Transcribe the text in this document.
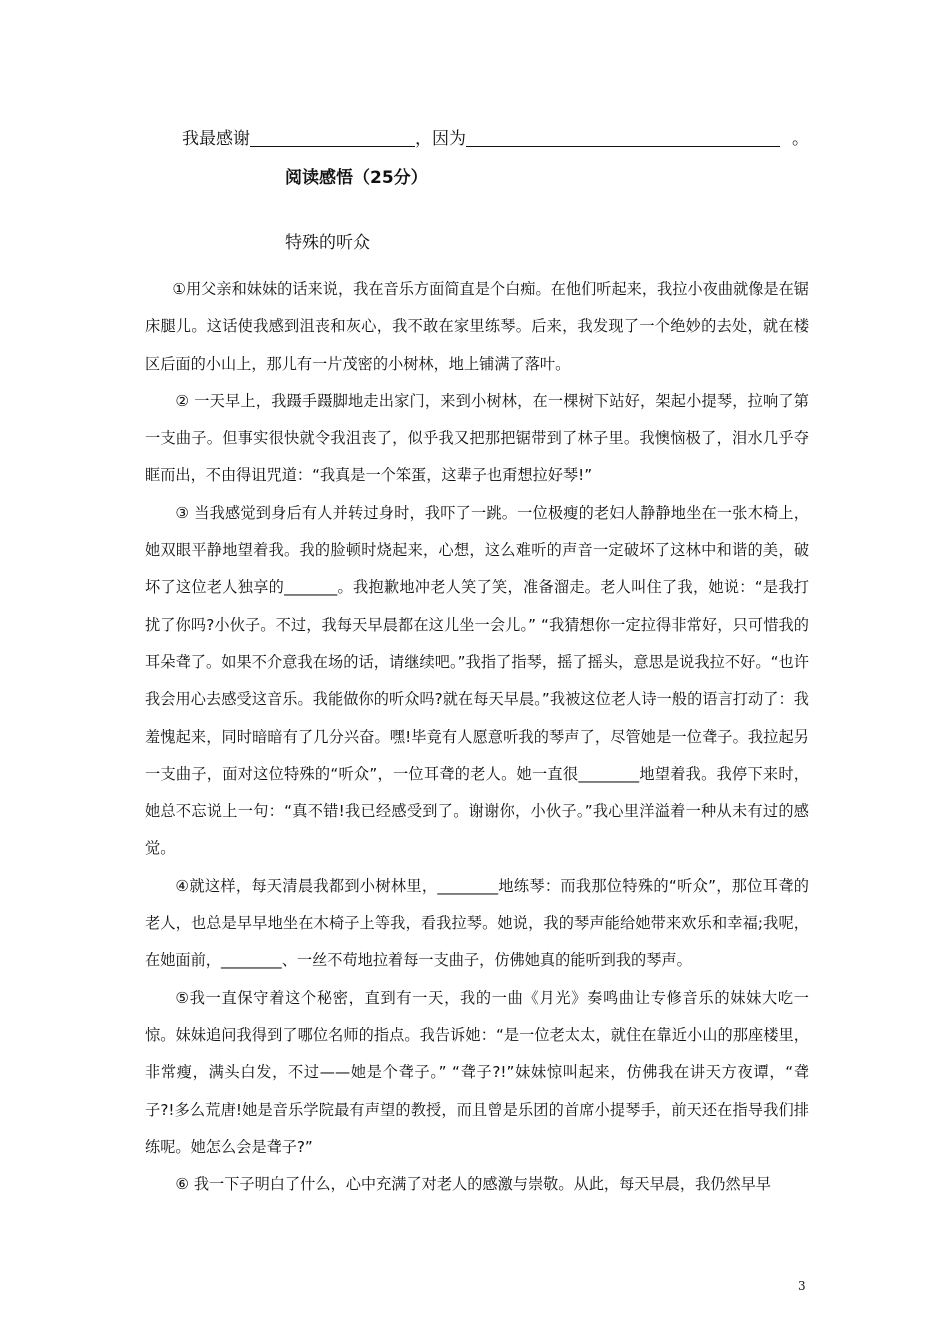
我最感谢	，因为	。
阅读感悟（25分）
特殊的听众

①用父亲和妹妹的话来说，我在音乐方面简直是个白痴。在他们听起来，我拉小夜曲就像是在锯床腿儿。这话使我感到沮丧和灰心，我不敢在家里练琴。后来，我发现了一个绝妙的去处，就在楼区后面的小山上，那儿有一片茂密的小树林，地上铺满了落叶。

② 一天早上，我蹑手蹑脚地走出家门，来到小树林，在一棵树下站好，架起小提琴，拉响了第一支曲子。但事实很快就令我沮丧了，似乎我又把那把锯带到了林子里。我懊恼极了，泪水几乎夺眶而出，不由得诅咒道：“我真是一个笨蛋，这辈子也甭想拉好琴!”

③ 当我感觉到身后有人并转过身时，我吓了一跳。一位极瘦的老妇人静静地坐在一张木椅上，她双眼平静地望着我。我的脸顿时烧起来，心想，这么难听的声音一定破坏了这林中和谐的美，破坏了这位老人独享的_______。我抱歉地冲老人笑了笑，准备溜走。老人叫住了我，她说：“是我打扰了你吗?小伙子。不过，我每天早晨都在这儿坐一会儿。” “我猜想你一定拉得非常好，只可惜我的耳朵聋了。如果不介意我在场的话，请继续吧。”我指了指琴，摇了摇头，意思是说我拉不好。“也许我会用心去感受这音乐。我能做你的听众吗?就在每天早晨。”我被这位老人诗一般的语言打动了：我羞愧起来，同时暗暗有了几分兴奋。嘿!毕竟有人愿意听我的琴声了，尽管她是一位聋子。我拉起另一支曲子，面对这位特殊的“听众”，一位耳聋的老人。她一直很________地望着我。我停下来时，她总不忘说上一句：“真不错!我已经感受到了。谢谢你，小伙子。”我心里洋溢着一种从未有过的感觉。

④就这样，每天清晨我都到小树林里，________地练琴：而我那位特殊的“听众”，那位耳聋的老人，也总是早早地坐在木椅子上等我，看我拉琴。她说，我的琴声能给她带来欢乐和幸福;我呢，在她面前，________、一丝不苟地拉着每一支曲子，仿佛她真的能听到我的琴声。

⑤我一直保守着这个秘密，直到有一天，我的一曲《月光》奏鸣曲让专修音乐的妹妹大吃一惊。妹妹追问我得到了哪位名师的指点。我告诉她：“是一位老太太，就住在靠近小山的那座楼里，非常瘦，满头白发，不过——她是个聋子。” “聋子?!”妹妹惊叫起来，仿佛我在讲天方夜谭，“聋子?!多么荒唐!她是音乐学院最有声望的教授，而且曾是乐团的首席小提琴手，前天还在指导我们排练呢。她怎么会是聋子?”

⑥ 我一下子明白了什么，心中充满了对老人的感激与崇敬。从此，每天早晨，我仍然早早

3
